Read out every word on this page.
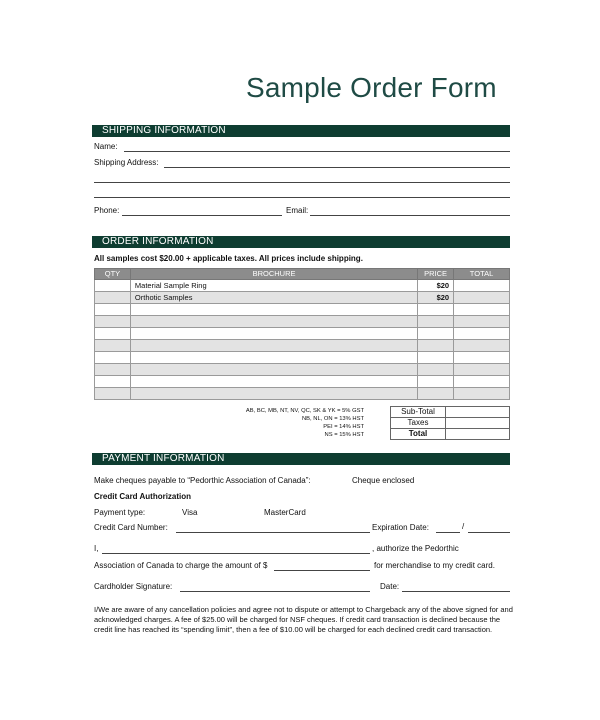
Sample Order Form
SHIPPING INFORMATION
Name:
Shipping Address:
Phone:	Email:
ORDER INFORMATION
All samples cost $20.00 + applicable taxes. All prices include shipping.
QTY	BROCHURE	PRICE	TOTAL
	Material Sample Ring	$20	
	Orthotic Samples	$20	

AB, BC, MB, NT, NV, QC, SK & YK = 5% GST
NB, NL, ON = 13% HST
PEI = 14% HST
NS = 15% HST
Sub-Total	
Taxes	
Total	
PAYMENT INFORMATION
Make cheques payable to “Pedorthic Association of Canada”:	Cheque enclosed
Credit Card Authorization
Payment type:	Visa	MasterCard
Credit Card Number:	Expiration Date:	/
I,	, authorize the Pedorthic
Association of Canada to charge the amount of $	for merchandise to my credit card.
Cardholder Signature:	Date:
I/We are aware of any cancellation policies and agree not to dispute or attempt to Chargeback any of the above signed for and acknowledged charges. A fee of $25.00 will be charged for NSF cheques. If credit card transaction is declined because the credit line has reached its “spending limit”, then a fee of $10.00 will be charged for each declined credit card transaction.
